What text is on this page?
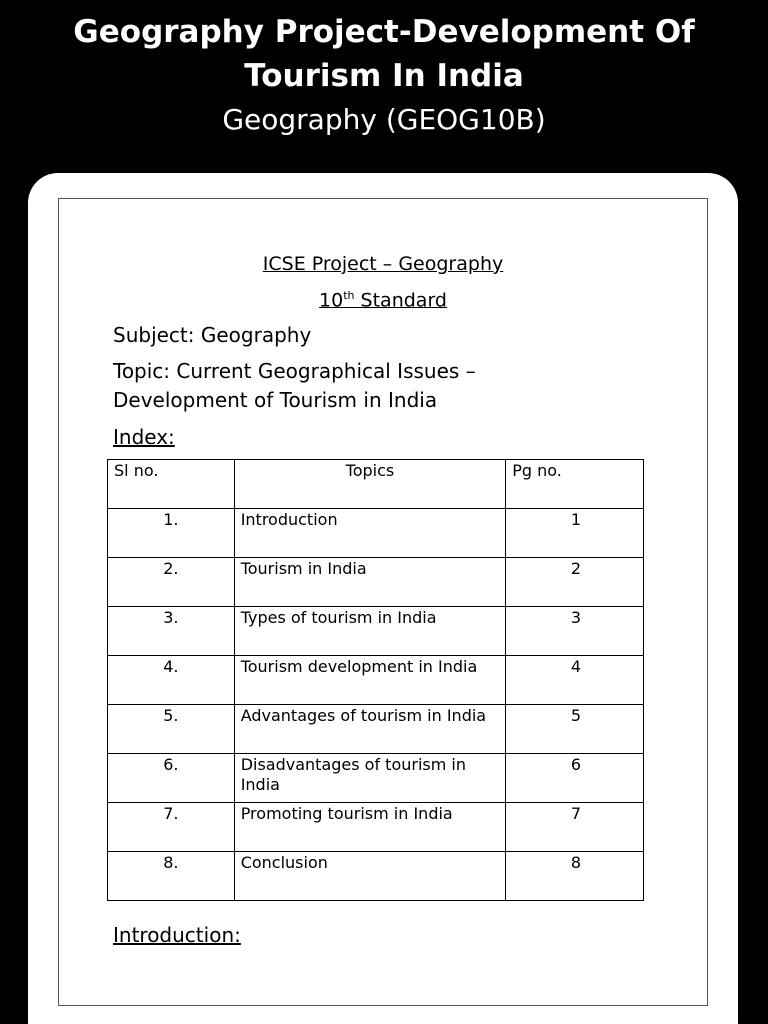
Geography Project-Development Of Tourism In India
Geography (GEOG10B)
ICSE Project – Geography
10th Standard
Subject: Geography
Topic: Current Geographical Issues –
Development of Tourism in India
Index:
Sl no.	Topics	Pg no.
1.	Introduction	1
2.	Tourism in India	2
3.	Types of tourism in India	3
4.	Tourism development in India	4
5.	Advantages of tourism in India	5
6.	Disadvantages of tourism in India	6
7.	Promoting tourism in India	7
8.	Conclusion	8
Introduction:
